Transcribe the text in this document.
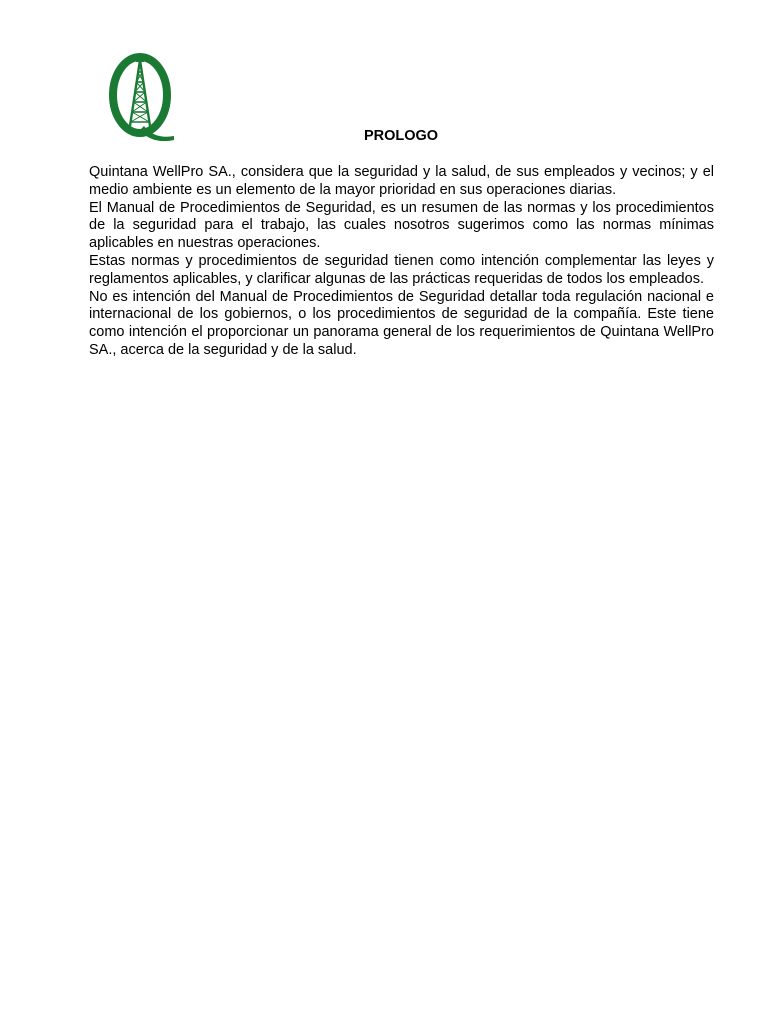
PROLOGO

Quintana WellPro SA., considera que la seguridad y la salud, de sus empleados y vecinos; y el medio ambiente es un elemento de la mayor prioridad en sus operaciones diarias.

El Manual de Procedimientos de Seguridad, es un resumen de las normas y los procedimientos de la seguridad para el trabajo, las cuales nosotros sugerimos como las normas mínimas aplicables en nuestras operaciones.

Estas normas y procedimientos de seguridad tienen como intención complementar las leyes y reglamentos aplicables, y clarificar algunas de las prácticas requeridas de todos los empleados.

No es intención del Manual de Procedimientos de Seguridad detallar toda regulación nacional e internacional de los gobiernos, o los procedimientos de seguridad de la compañía. Este tiene como intención el proporcionar un panorama general de los requerimientos de Quintana WellPro SA., acerca de la seguridad y de la salud.
